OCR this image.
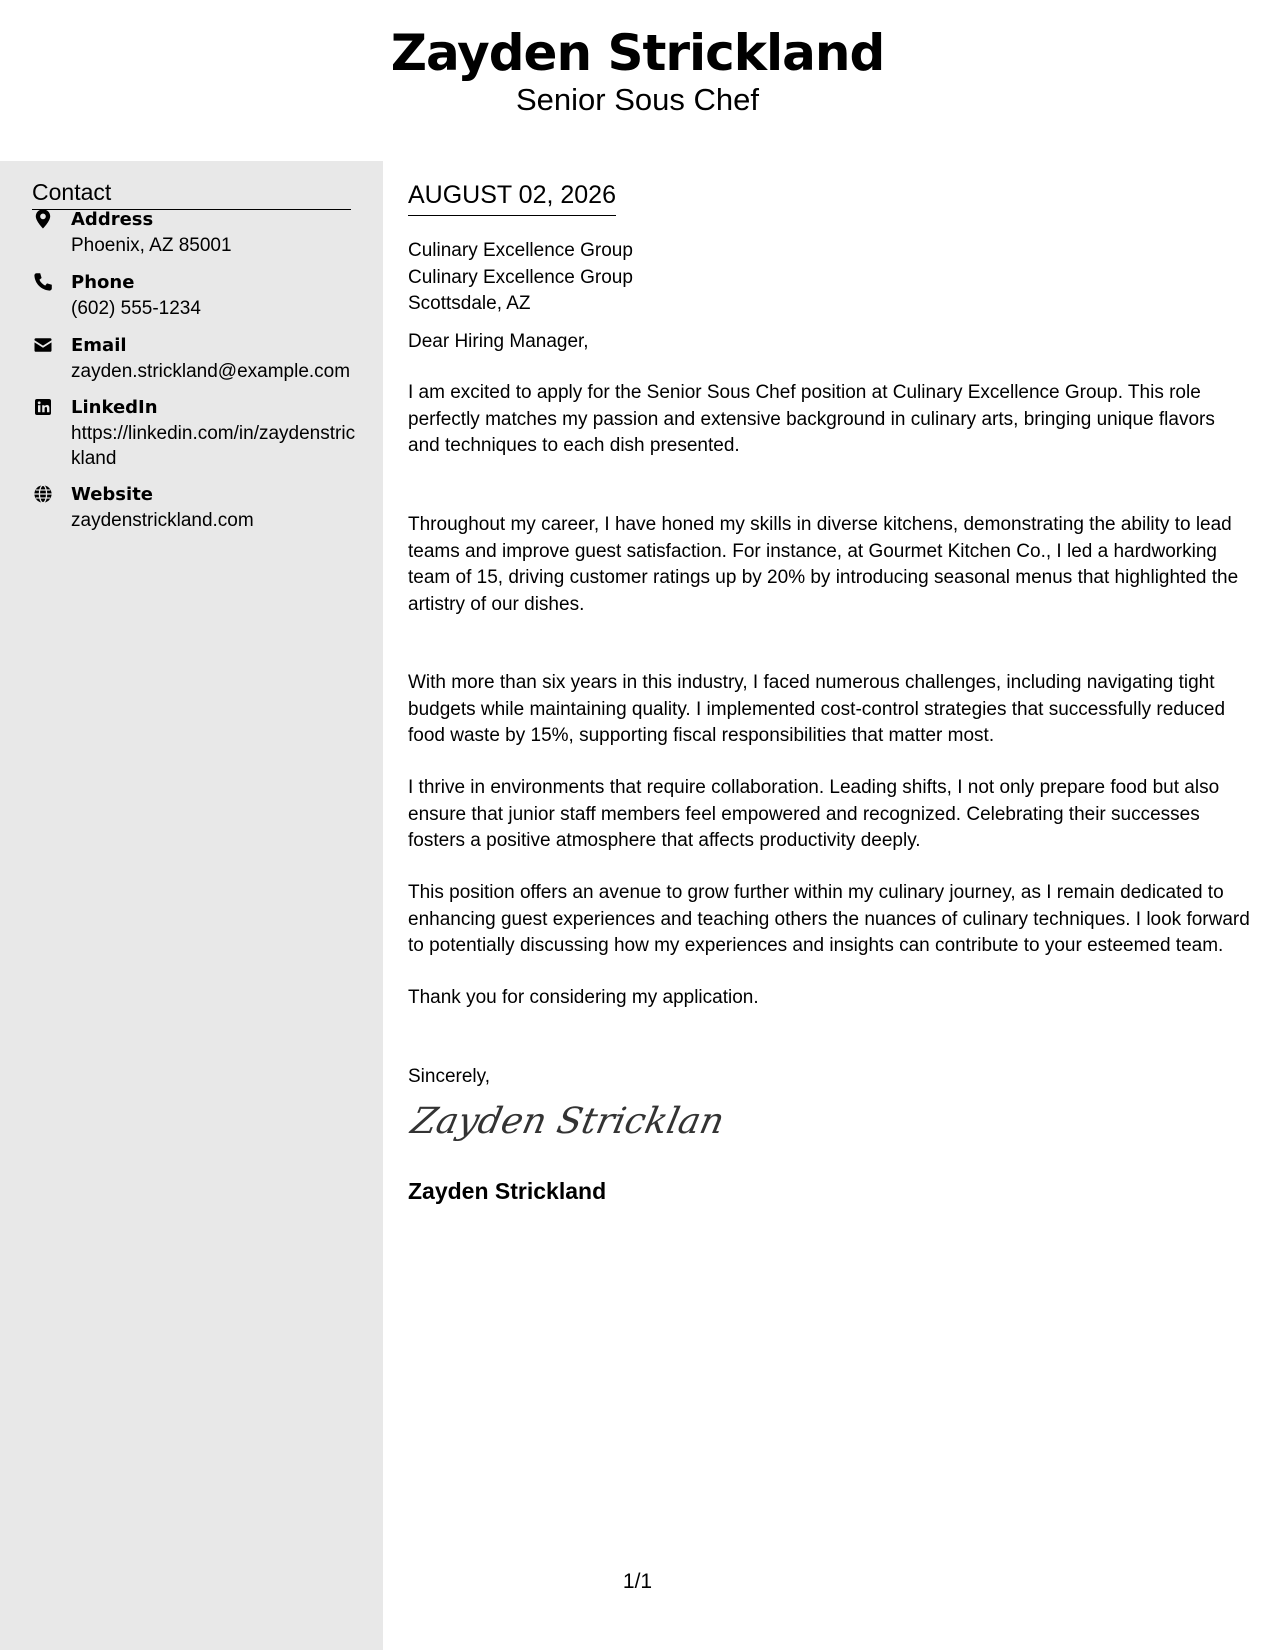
Zayden Strickland
Senior Sous Chef
Contact
Address
Phoenix, AZ 85001
Phone
(602) 555-1234
Email
zayden.strickland@example.com
LinkedIn
https://linkedin.com/in/zaydenstrickland
Website
zaydenstrickland.com
AUGUST 02, 2026
Culinary Excellence Group
Culinary Excellence Group
Scottsdale, AZ

Dear Hiring Manager,

I am excited to apply for the Senior Sous Chef position at Culinary Excellence Group. This role perfectly matches my passion and extensive background in culinary arts, bringing unique flavors and techniques to each dish presented.

Throughout my career, I have honed my skills in diverse kitchens, demonstrating the ability to lead teams and improve guest satisfaction. For instance, at Gourmet Kitchen Co., I led a hardworking team of 15, driving customer ratings up by 20% by introducing seasonal menus that highlighted the artistry of our dishes.

With more than six years in this industry, I faced numerous challenges, including navigating tight budgets while maintaining quality. I implemented cost-control strategies that successfully reduced food waste by 15%, supporting fiscal responsibilities that matter most.

I thrive in environments that require collaboration. Leading shifts, I not only prepare food but also ensure that junior staff members feel empowered and recognized. Celebrating their successes fosters a positive atmosphere that affects productivity deeply.

This position offers an avenue to grow further within my culinary journey, as I remain dedicated to enhancing guest experiences and teaching others the nuances of culinary techniques. I look forward to potentially discussing how my experiences and insights can contribute to your esteemed team.

Thank you for considering my application.

Sincerely,

Zayden Stricklan
Zayden Strickland
1/1
